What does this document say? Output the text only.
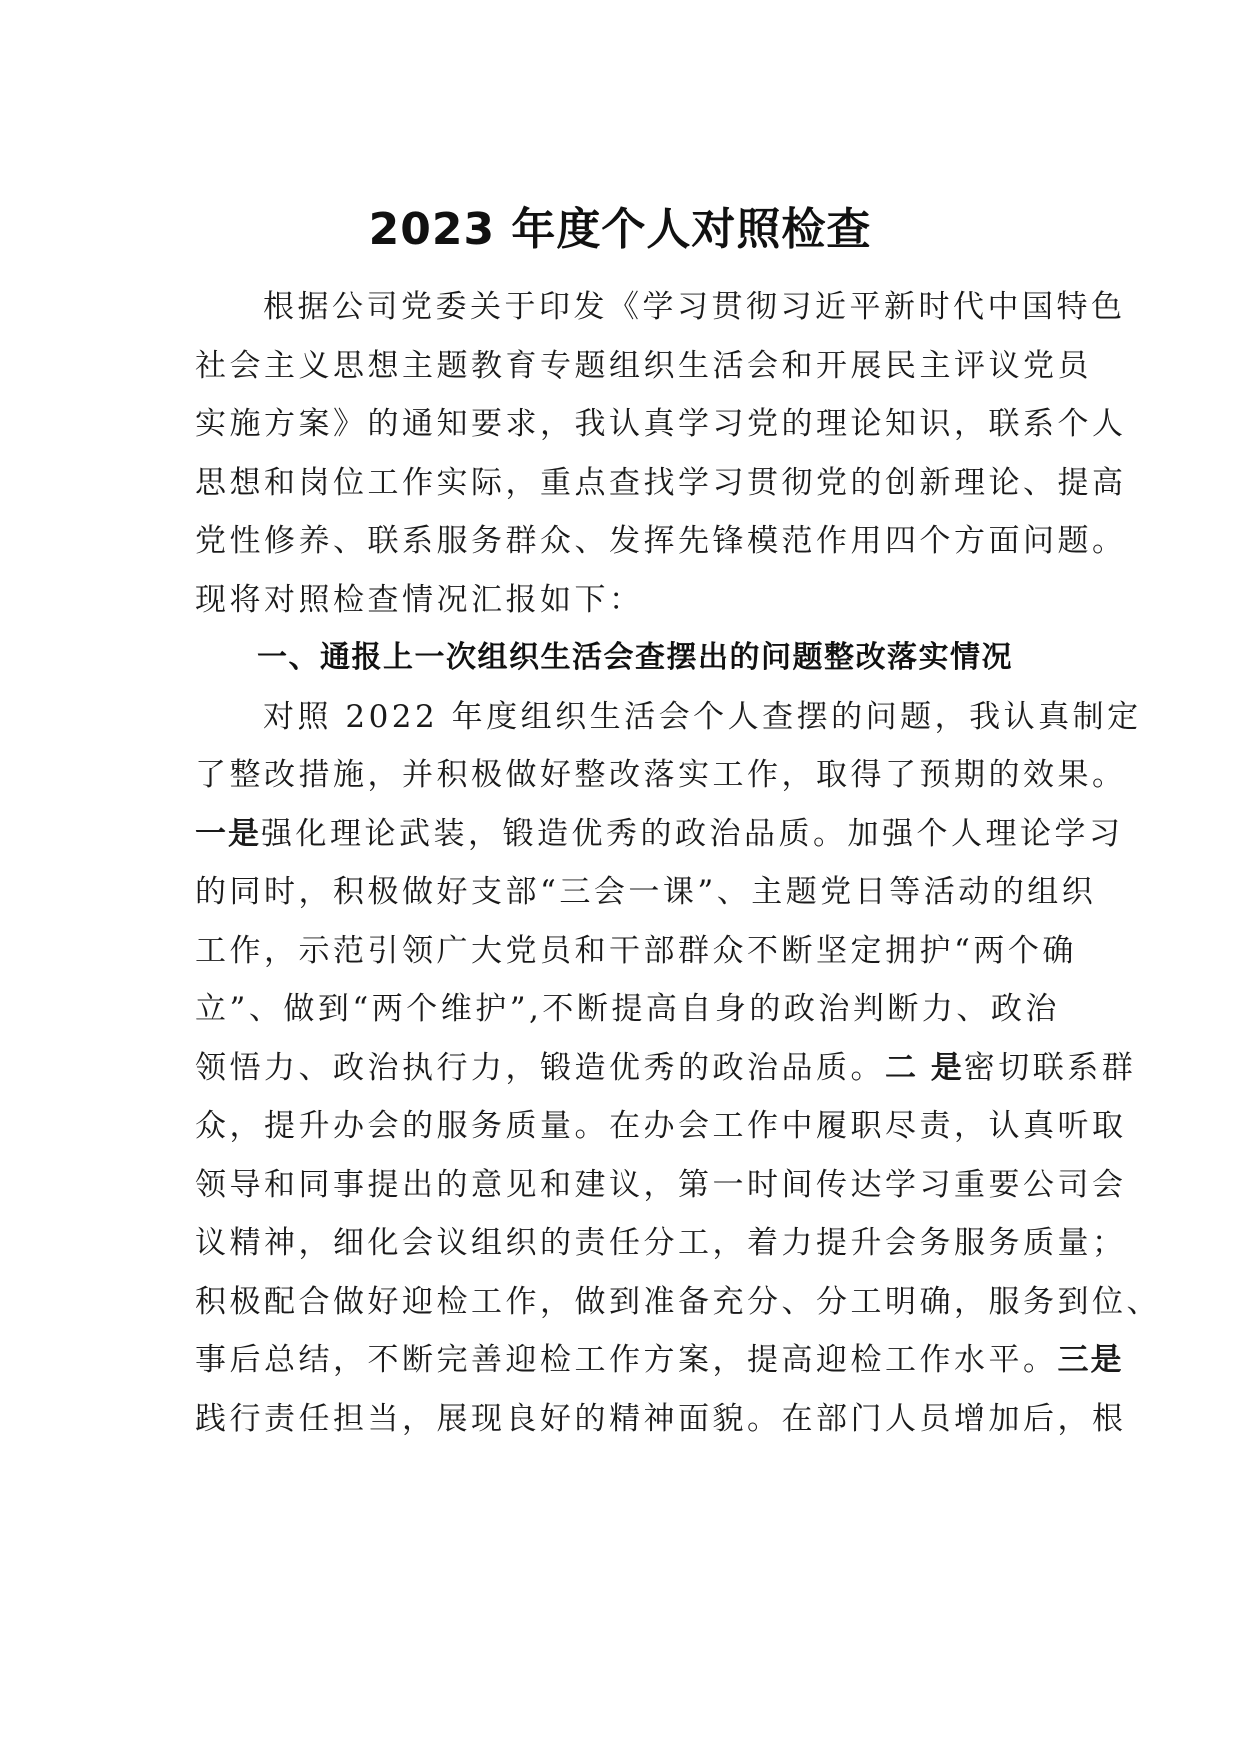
2023 年度个人对照检查
根据公司党委关于印发《学习贯彻习近平新时代中国特色
社会主义思想主题教育专题组织生活会和开展民主评议党员
实施方案》的通知要求，我认真学习党的理论知识，联系个人
思想和岗位工作实际，重点查找学习贯彻党的创新理论、提高
党性修养、联系服务群众、发挥先锋模范作用四个方面问题。
现将对照检查情况汇报如下：
一、通报上一次组织生活会查摆出的问题整改落实情况
对照 2022 年度组织生活会个人查摆的问题，我认真制定
了整改措施，并积极做好整改落实工作，取得了预期的效果。
一是强化理论武装，锻造优秀的政治品质。加强个人理论学习
的同时，积极做好支部“三会一课”、主题党日等活动的组织
工作，示范引领广大党员和干部群众不断坚定拥护“两个确
立”、做到“两个维护”,不断提高自身的政治判断力、政治
领悟力、政治执行力，锻造优秀的政治品质。二 是密切联系群
众，提升办会的服务质量。在办会工作中履职尽责，认真听取
领导和同事提出的意见和建议，第一时间传达学习重要公司会
议精神，细化会议组织的责任分工，着力提升会务服务质量；
积极配合做好迎检工作，做到准备充分、分工明确，服务到位、
事后总结，不断完善迎检工作方案，提高迎检工作水平。三是
践行责任担当，展现良好的精神面貌。在部门人员增加后，根
